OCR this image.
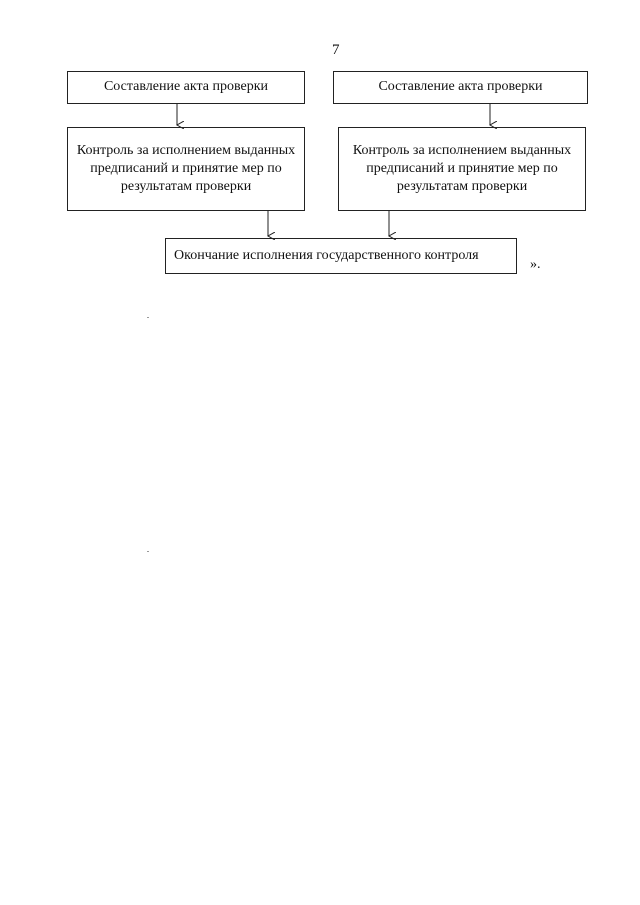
7
Составление акта проверки	Составление акта проверки
Контроль за исполнением выданных предписаний и принятие мер по результатам проверки
Контроль за исполнением выданных предписаний и принятие мер по результатам проверки
Окончание исполнения государственного контроля
».
